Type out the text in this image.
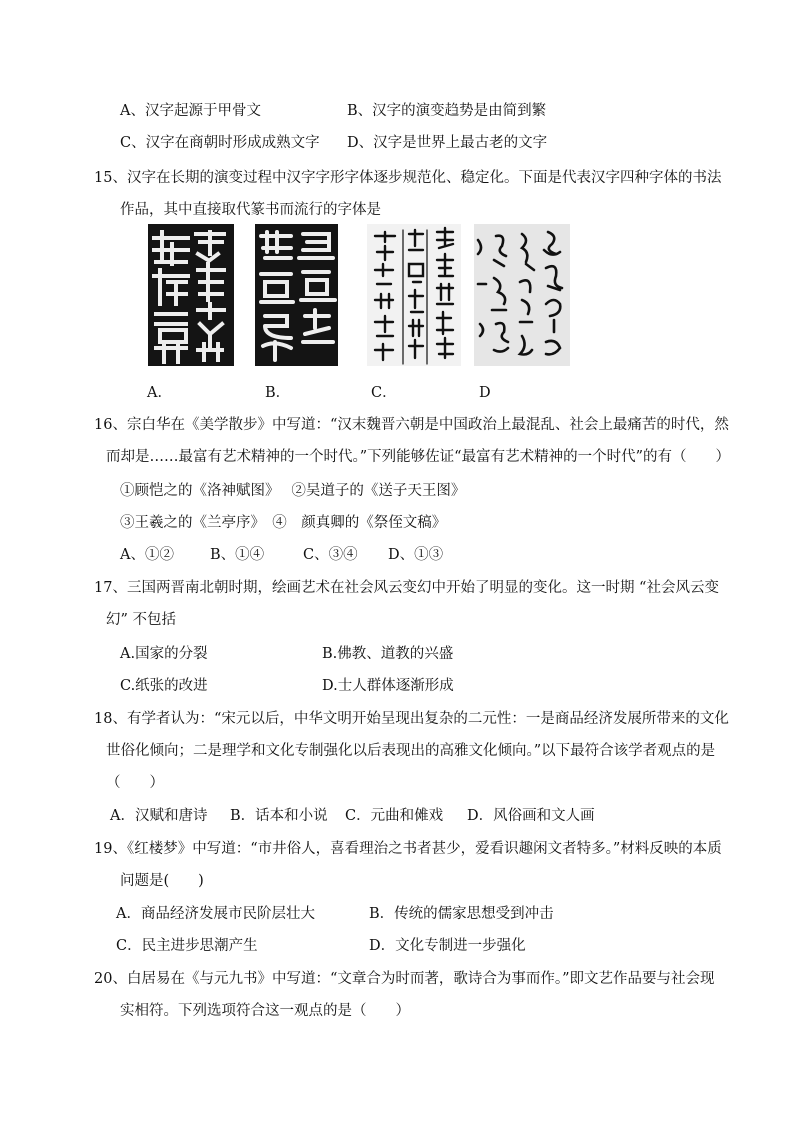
A、汉字起源于甲骨文	B、汉字的演变趋势是由简到繁
C、汉字在商朝时形成成熟文字 D、汉字是世界上最古老的文字
15、汉字在长期的演变过程中汉字字形字体逐步规范化、稳定化。下面是代表汉字四种字体的书法
作品，其中直接取代篆书而流行的字体是
A．	B．	C．	D
16、宗白华在《美学散步》中写道：“汉末魏晋六朝是中国政治上最混乱、社会上最痛苦的时代，然
而却是……最富有艺术精神的一个时代。”下列能够佐证“最富有艺术精神的一个时代”的有（　　）
①顾恺之的《洛神赋图》　 ②吴道子的《送子天王图》
③王羲之的《兰亭序》　④　颜真卿的《祭侄文稿》
A、①② B、①④	C、③④ D、①③
17、三国两晋南北朝时期，绘画艺术在社会风云变幻中开始了明显的变化。这一时期 “社会风云变
幻” 不包括
A.国家的分裂	B.佛教、道教的兴盛
C.纸张的改进	D.士人群体逐渐形成
18、有学者认为：“宋元以后，中华文明开始呈现出复杂的二元性：一是商品经济发展所带来的文化
世俗化倾向；二是理学和文化专制强化以后表现出的高雅文化倾向。”以下最符合该学者观点的是
（　　）
A．汉赋和唐诗 B．话本和小说 C．元曲和傩戏 D．风俗画和文人画
19、《红楼梦》中写道：“市井俗人，喜看理治之书者甚少，爱看识趣闲文者特多。”材料反映的本质
问题是(　　)
A．商品经济发展市民阶层壮大	B．传统的儒家思想受到冲击
C．民主进步思潮产生	D．文化专制进一步强化
20、白居易在《与元九书》中写道：“文章合为时而著，歌诗合为事而作。”即文艺作品要与社会现
实相符。下列选项符合这一观点的是（　　）
